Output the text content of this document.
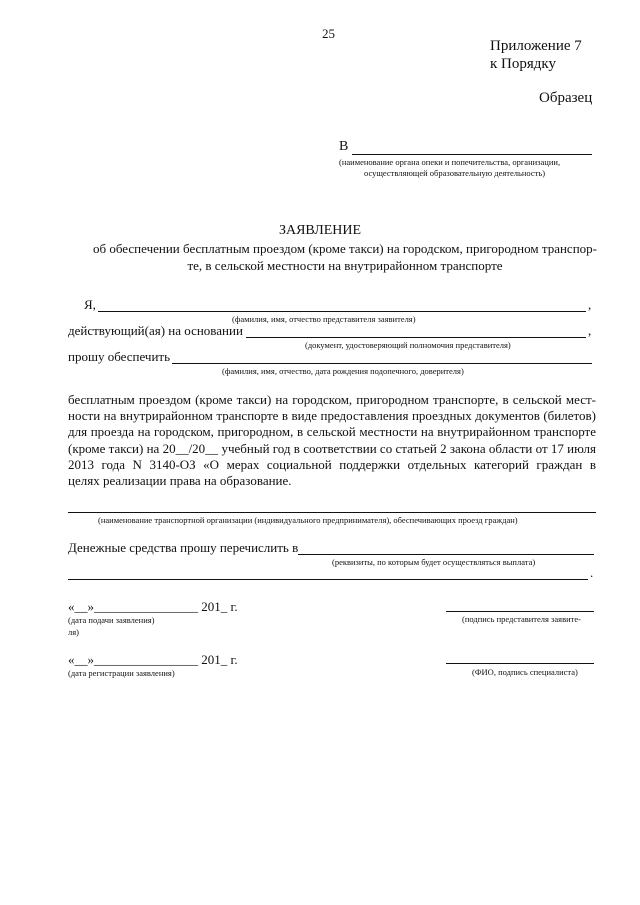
25
Приложение 7
к Порядку
Образец
В
(наименование органа опеки и попечительства, организации,
осуществляющей образовательную деятельность)
ЗАЯВЛЕНИЕ
об обеспечении бесплатным проездом (кроме такси) на городском, пригородном транспор-
те, в сельской местности на внутрирайонном транспорте
Я,	,
(фамилия, имя, отчество представителя заявителя)
действующий(ая) на основании	,
(документ, удостоверяющий полномочия представителя)
прошу обеспечить
(фамилия, имя, отчество, дата рождения подопечного, доверителя)
бесплатным проездом (кроме такси) на городском, пригородном транспорте, в сельской мест-
ности на внутрирайонном транспорте в виде предоставления проездных документов (билетов)
для проезда на городском, пригородном, в сельской местности на внутрирайонном транспорте
(кроме такси) на 20__/20__ учебный год в соответствии со статьей 2 закона области от 17 июля
2013 года N 3140-ОЗ «О мерах социальной поддержки отдельных категорий граждан в
целях реализации права на образование.
(наименование транспортной организации (индивидуального предпринимателя), обеспечивающих проезд граждан)
Денежные средства прошу перечислить в
(реквизиты, по которым будет осуществляться выплата)
.
«__»________________ 201_ г.
(дата подачи заявления)	(подпись представителя заявите-
ля)
«__»________________ 201_ г.
(дата регистрации заявления)	(ФИО, подпись специалиста)
